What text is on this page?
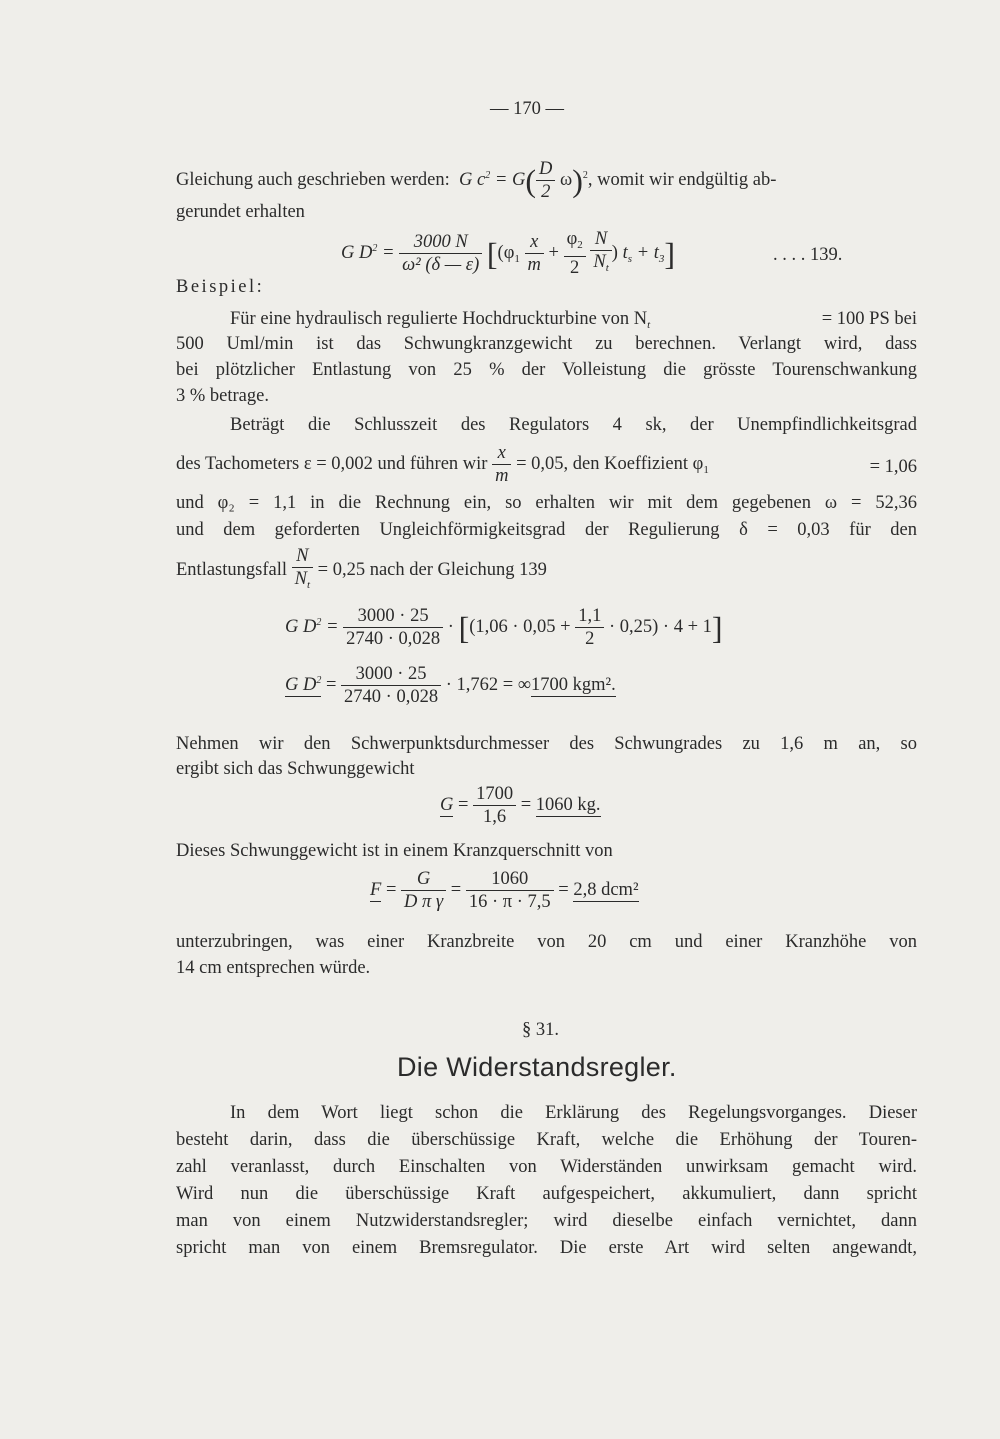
— 170 —
Gleichung auch geschrieben werden:  G $c^2 = G( \frac{D}{2} \omega)^2$, womit wir endgültig ab-
gerundet erhalten
G $D^2 = \frac{3000 N}{\text{ω² (δ — ε)}} [(\varphi_1 \frac{x}{m} + \frac{\varphi_2}{2}$
$\frac{N}{N_t}$ ) $t_s + t_3$]	. . . . 139.
Beispiel:
Für eine hydraulisch regulierte Hochdruckturbine von $N_t$	= 100 PS bei
500 Uml/min ist das Schwungkranzgewicht zu berechnen. Verlangt wird, dass
bei plötzlicher Entlastung von 25 % der Volleistung die grösste Tourenschwankung
3 % betrage.
Beträgt die Schlusszeit des Regulators 4 sk, der Unempfindlichkeitsgrad
des Tachometers ε = 0,002 und führen wir $\frac{x}{m} = 0,05$, den Koeffizient $\varphi_1$	= 1,06
und φ₂ = 1,1 in die Rechnung ein, so erhalten wir mit dem gegebenen ω = 52,36
und dem geforderten Ungleichförmigkeitsgrad der Regulierung δ = 0,03 für den
Entlastungsfall $\frac{N}{N_t} = 0,25$ nach der Gleichung 139
G $D^2 = \frac{3000 \cdot 25}{2740 \cdot 0,028} \cdot [(1,06 \cdot 0,05 + \frac{1,1}{2} \cdot 0,25) \cdot 4 + 1]$
G $D^2 = \frac{3000 \cdot 25}{2740 \cdot 0,028} \cdot 1,762 = \infty 1700$ kgm².
Nehmen wir den Schwerpunktsdurchmesser des Schwungrades zu 1,6 m an, so
ergibt sich das Schwunggewicht
$G = \frac{1700}{1,6} = 1060$ kg.
Dieses Schwunggewicht ist in einem Kranzquerschnitt von
$F = \frac{G}{\text{D π γ}} = \frac{1060}{16 \cdot \pi \cdot 7,5} = 2,8$ dcm²
unterzubringen, was einer Kranzbreite von 20 cm und einer Kranzhöhe von
14 cm entsprechen würde.
§ 31.
Die Widerstandsregler.
In dem Wort liegt schon die Erklärung des Regelungsvorganges. Dieser
besteht darin, dass die überschüssige Kraft, welche die Erhöhung der Touren-
zahl veranlasst, durch Einschalten von Widerständen unwirksam gemacht wird.
Wird nun die überschüssige Kraft aufgespeichert, akkumuliert, dann spricht
man von einem Nutzwiderstandsregler; wird dieselbe einfach vernichtet, dann
spricht man von einem Bremsregulator. Die erste Art wird selten angewandt,
